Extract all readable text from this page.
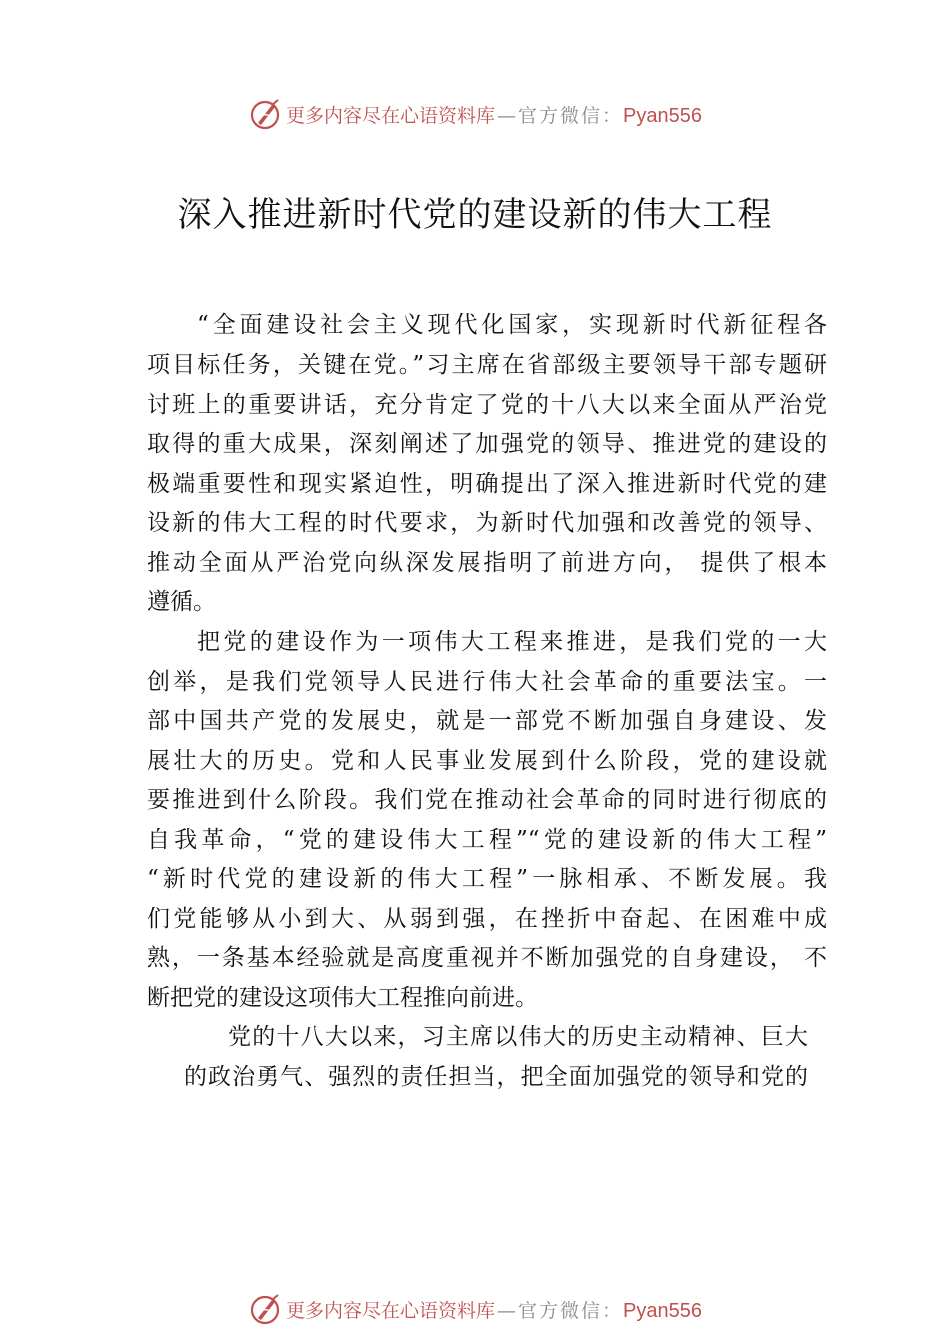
更多内容尽在心语资料库 — 官方微信： Pyan556
深入推进新时代党的建设新的伟大工程
“全面建设社会主义现代化国家，实现新时代新征程各
项目标任务，关键在党。”习主席在省部级主要领导干部专题研
讨班上的重要讲话，充分肯定了党的十八大以来全面从严治党
取得的重大成果，深刻阐述了加强党的领导、推进党的建设的
极端重要性和现实紧迫性，明确提出了深入推进新时代党的建
设新的伟大工程的时代要求，为新时代加强和改善党的领导、
推动全面从严治党向纵深发展指明了前进方向， 提供了根本
遵循。
把党的建设作为一项伟大工程来推进，是我们党的一大
创举，是我们党领导人民进行伟大社会革命的重要法宝。一
部中国共产党的发展史，就是一部党不断加强自身建设、发
展壮大的历史。党和人民事业发展到什么阶段，党的建设就
要推进到什么阶段。我们党在推动社会革命的同时进行彻底的
自我革命，“党的建设伟大工程”“党的建设新的伟大工程”
“新时代党的建设新的伟大工程”一脉相承、不断发展。我
们党能够从小到大、从弱到强，在挫折中奋起、在困难中成
熟，一条基本经验就是高度重视并不断加强党的自身建设， 不
断把党的建设这项伟大工程推向前进。
党的十八大以来，习主席以伟大的历史主动精神、巨大
的政治勇气、强烈的责任担当，把全面加强党的领导和党的
更多内容尽在心语资料库 — 官方微信： Pyan556
